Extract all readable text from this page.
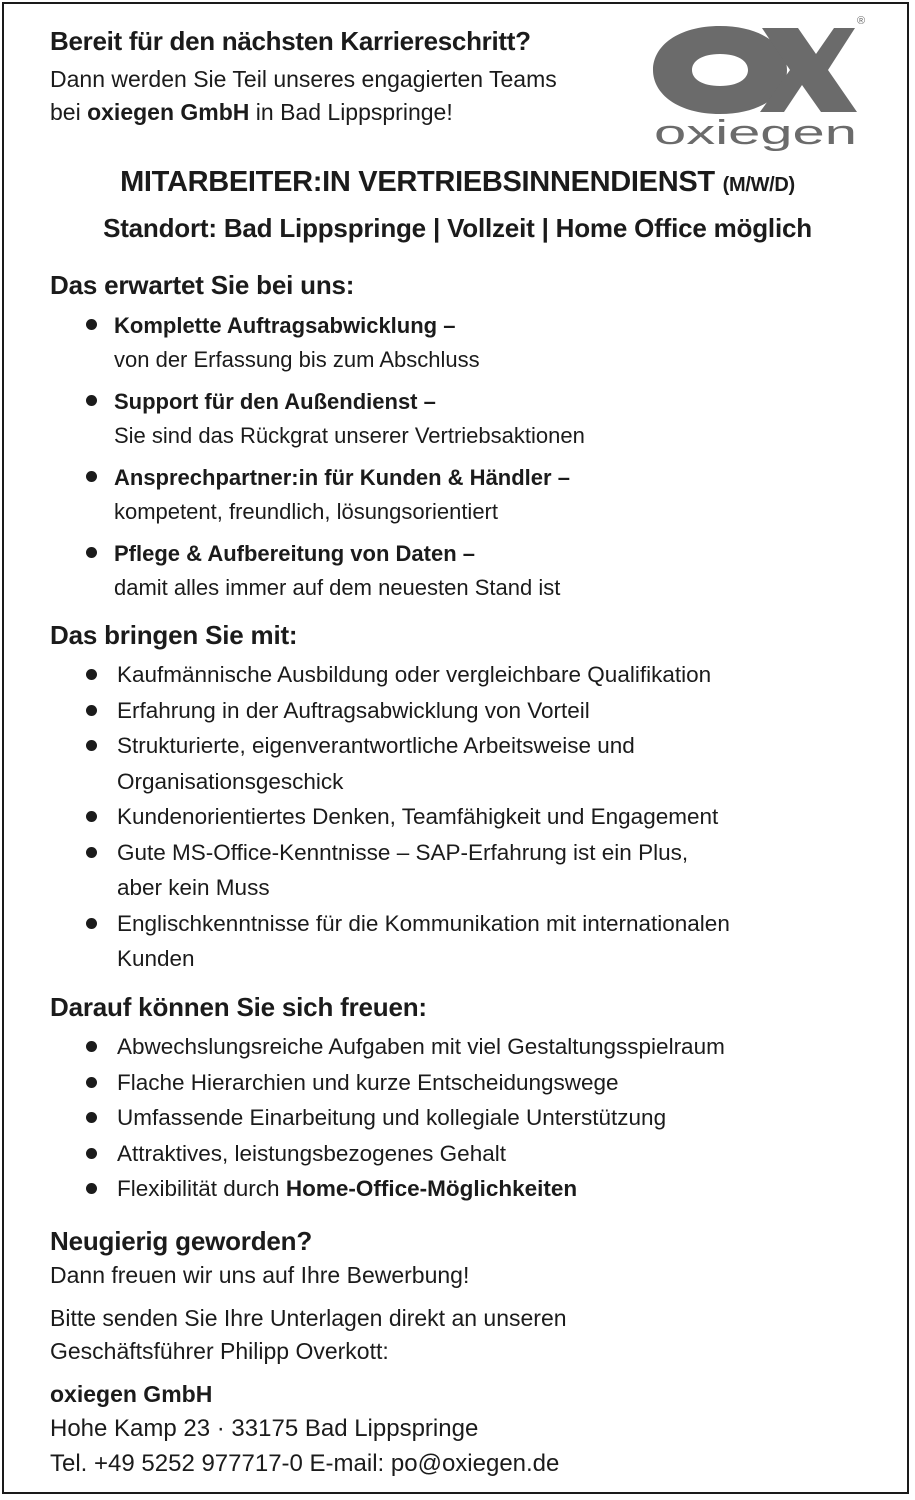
Bereit für den nächsten Karriereschritt?
Dann werden Sie Teil unseres engagierten Teams
bei oxiegen GmbH in Bad Lippspringe!
®
oxiegen
MITARBEITER:IN VERTRIEBSINNENDIENST (M/W/D)
Standort: Bad Lippspringe | Vollzeit | Home Office möglich
Das erwartet Sie bei uns:
Komplette Auftragsabwicklung –
von der Erfassung bis zum Abschluss
Support für den Außendienst –
Sie sind das Rückgrat unserer Vertriebsaktionen
Ansprechpartner:in für Kunden & Händler –
kompetent, freundlich, lösungsorientiert
Pflege & Aufbereitung von Daten –
damit alles immer auf dem neuesten Stand ist
Das bringen Sie mit:
Kaufmännische Ausbildung oder vergleichbare Qualifikation
Erfahrung in der Auftragsabwicklung von Vorteil
Strukturierte, eigenverantwortliche Arbeitsweise und
Organisationsgeschick
Kundenorientiertes Denken, Teamfähigkeit und Engagement
Gute MS-Office-Kenntnisse – SAP-Erfahrung ist ein Plus,
aber kein Muss
Englischkenntnisse für die Kommunikation mit internationalen
Kunden
Darauf können Sie sich freuen:
Abwechslungsreiche Aufgaben mit viel Gestaltungsspielraum
Flache Hierarchien und kurze Entscheidungswege
Umfassende Einarbeitung und kollegiale Unterstützung
Attraktives, leistungsbezogenes Gehalt
Flexibilität durch Home-Office-Möglichkeiten
Neugierig geworden?
Dann freuen wir uns auf Ihre Bewerbung!
Bitte senden Sie Ihre Unterlagen direkt an unseren
Geschäftsführer Philipp Overkott:
oxiegen GmbH
Hohe Kamp 23 · 33175 Bad Lippspringe
Tel. +49 5252 977717-0 E-mail: po@oxiegen.de
